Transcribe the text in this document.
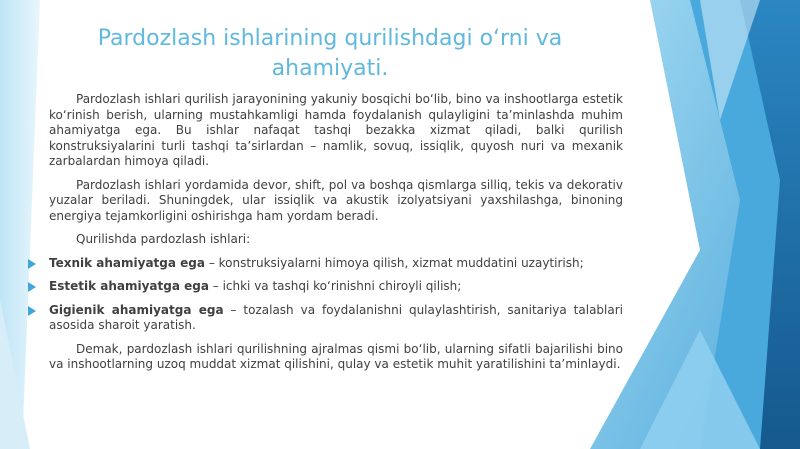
Pardozlash ishlarining qurilishdagi o‘rni va ahamiyati.

Pardozlash ishlari qurilish jarayonining yakuniy bosqichi bo‘lib, bino va inshootlarga estetik ko‘rinish berish, ularning mustahkamligi hamda foydalanish qulayligini ta’minlashda muhim ahamiyatga ega. Bu ishlar nafaqat tashqi bezakka xizmat qiladi, balki qurilish konstruksiyalarini turli tashqi ta’sirlardan – namlik, sovuq, issiqlik, quyosh nuri va mexanik zarbalardan himoya qiladi.

Pardozlash ishlari yordamida devor, shift, pol va boshqa qismlarga silliq, tekis va dekorativ yuzalar beriladi. Shuningdek, ular issiqlik va akustik izolyatsiyani yaxshilashga, binoning energiya tejamkorligini oshirishga ham yordam beradi.

Qurilishda pardozlash ishlari:

Texnik ahamiyatga ega – konstruksiyalarni himoya qilish, xizmat muddatini uzaytirish;
Estetik ahamiyatga ega – ichki va tashqi ko‘rinishni chiroyli qilish;
Gigienik ahamiyatga ega – tozalash va foydalanishni qulaylashtirish, sanitariya talablari asosida sharoit yaratish.

Demak, pardozlash ishlari qurilishning ajralmas qismi bo‘lib, ularning sifatli bajarilishi bino va inshootlarning uzoq muddat xizmat qilishini, qulay va estetik muhit yaratilishini ta’minlaydi.
